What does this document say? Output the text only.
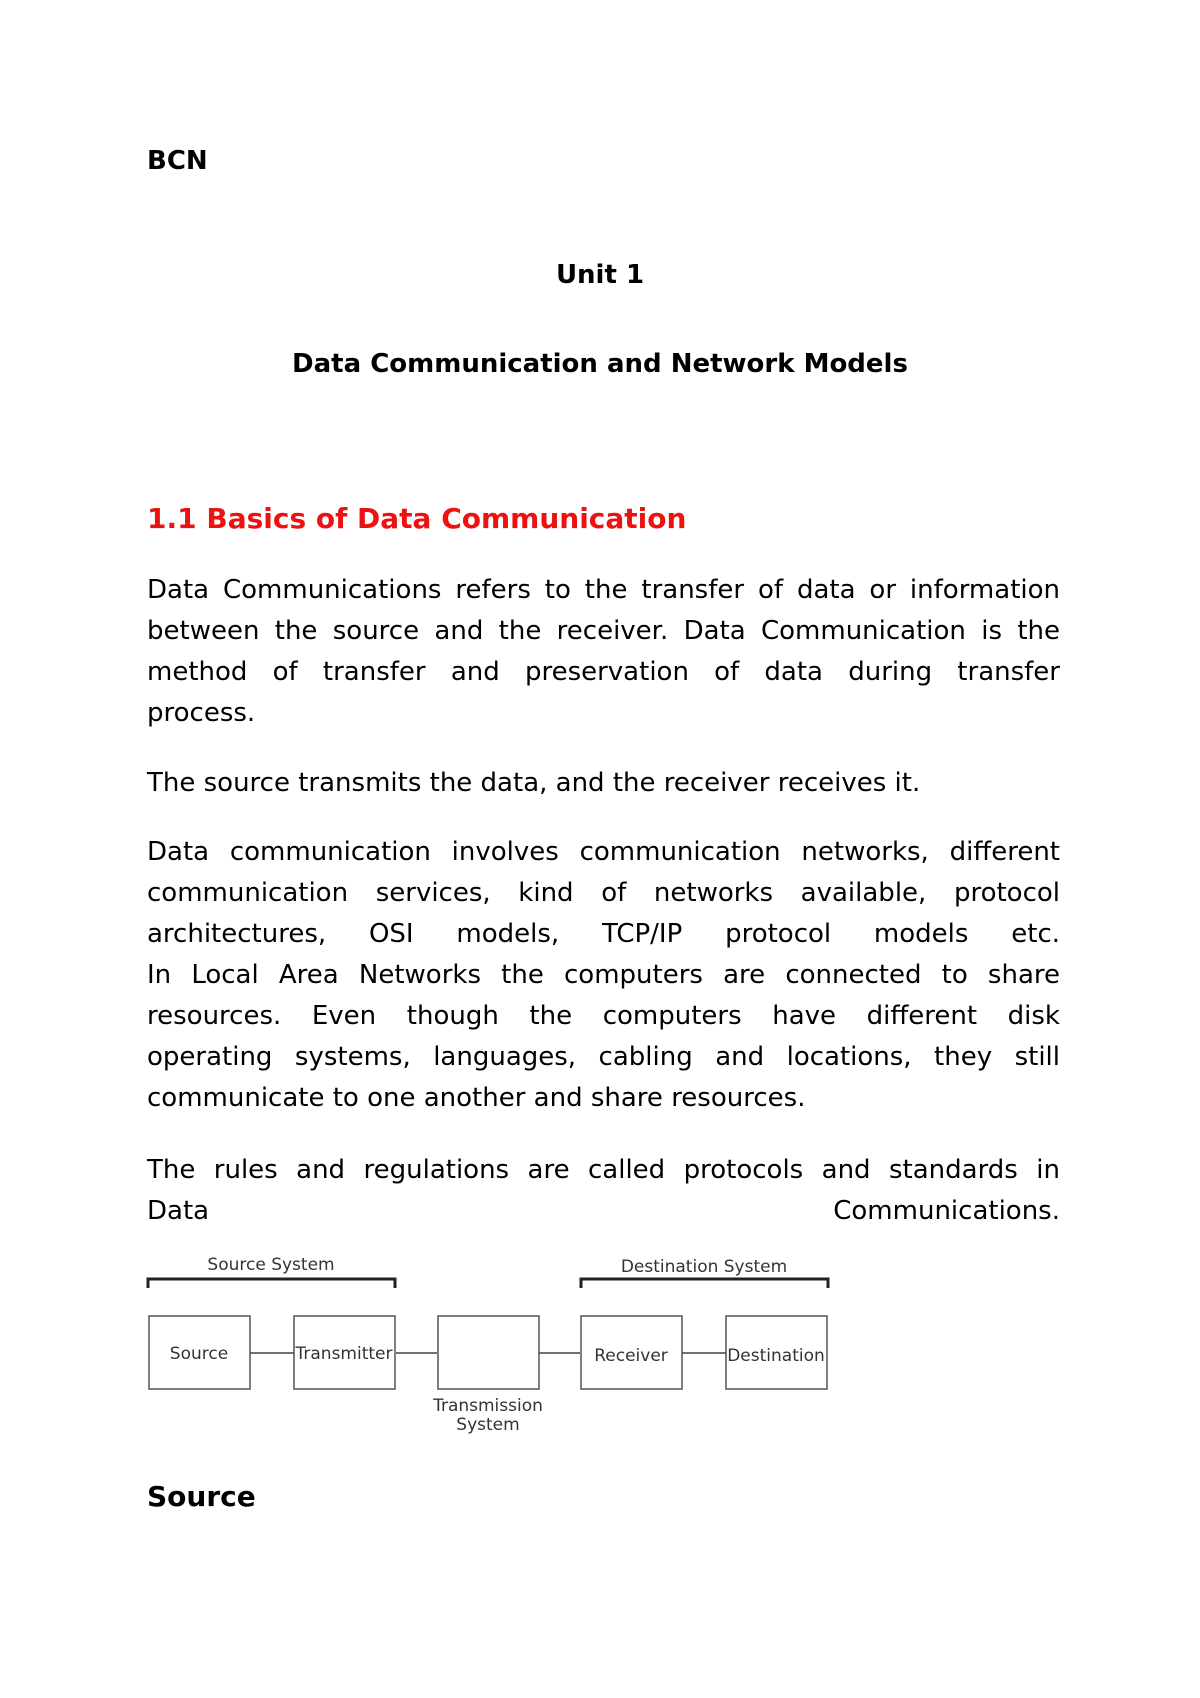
BCN
Unit 1
Data Communication and Network Models
1.1 Basics of Data Communication
Data Communications refers to the transfer of data or information
between the source and the receiver. Data Communication is the
method of transfer and preservation of data during transfer
process.
The source transmits the data, and the receiver receives it.
Data communication involves communication networks, different
communication services, kind of networks available, protocol
architectures, OSI models, TCP/IP protocol models etc.
In Local Area Networks the computers are connected to share
resources. Even though the computers have different disk
operating systems, languages, cabling and locations, they still
communicate to one another and share resources.
The rules and regulations are called protocols and standards in
Data	Communications.
Source System	Destination System
Source	Transmitter	Receiver	Destination
Transmission
System
Source
